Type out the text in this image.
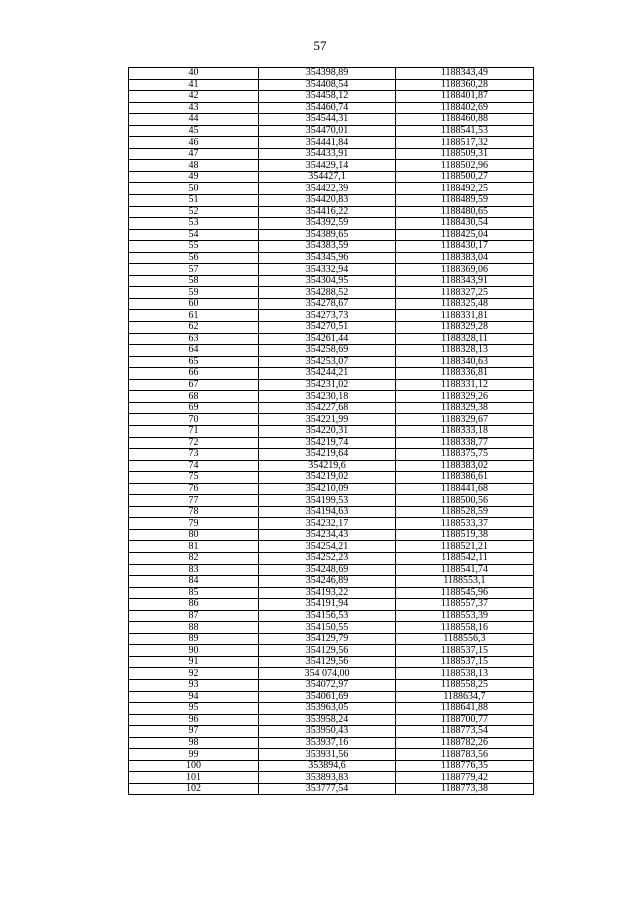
57
40	354398,89	1188343,49
41	354408,54	1188360,28
42	354458,12	1188401,87
43	354460,74	1188402,69
44	354544,31	1188460,88
45	354470,01	1188541,53
46	354441,84	1188517,32
47	354433,91	1188509,31
48	354429,14	1188502,96
49	354427,1	1188500,27
50	354422,39	1188492,25
51	354420,83	1188489,59
52	354416,22	1188480,65
53	354392,59	1188430,54
54	354389,65	1188425,04
55	354383,59	1188430,17
56	354345,96	1188383,04
57	354332,94	1188369,06
58	354304,95	1188343,91
59	354288,52	1188327,25
60	354278,67	1188325,48
61	354273,73	1188331,81
62	354270,51	1188329,28
63	354261,44	1188328,11
64	354258,69	1188328,13
65	354253,07	1188340,63
66	354244,21	1188336,81
67	354231,02	1188331,12
68	354230,18	1188329,26
69	354227,68	1188329,38
70	354221,99	1188329,67
71	354220,31	1188333,18
72	354219,74	1188338,77
73	354219,64	1188375,75
74	354219,6	1188383,02
75	354219,02	1188386,61
76	354210,09	1188441,68
77	354199,53	1188500,56
78	354194,63	1188528,59
79	354232,17	1188533,37
80	354234,43	1188519,38
81	354254,21	1188521,21
82	354252,23	1188542,11
83	354248,69	1188541,74
84	354246,89	1188553,1
85	354193,22	1188545,96
86	354191,94	1188557,37
87	354156,53	1188553,39
88	354150,55	1188558,16
89	354129,79	1188556,3
90	354129,56	1188537,15
91	354129,56	1188537,15
92	354 074,00	1188538,13
93	354072,97	1188558,25
94	354061,69	1188634,7
95	353963,05	1188641,88
96	353958,24	1188700,77
97	353950,43	1188773,54
98	353937,16	1188782,26
99	353931,56	1188783,56
100	353894,6	1188776,35
101	353893,83	1188779,42
102	353777,54	1188773,38
